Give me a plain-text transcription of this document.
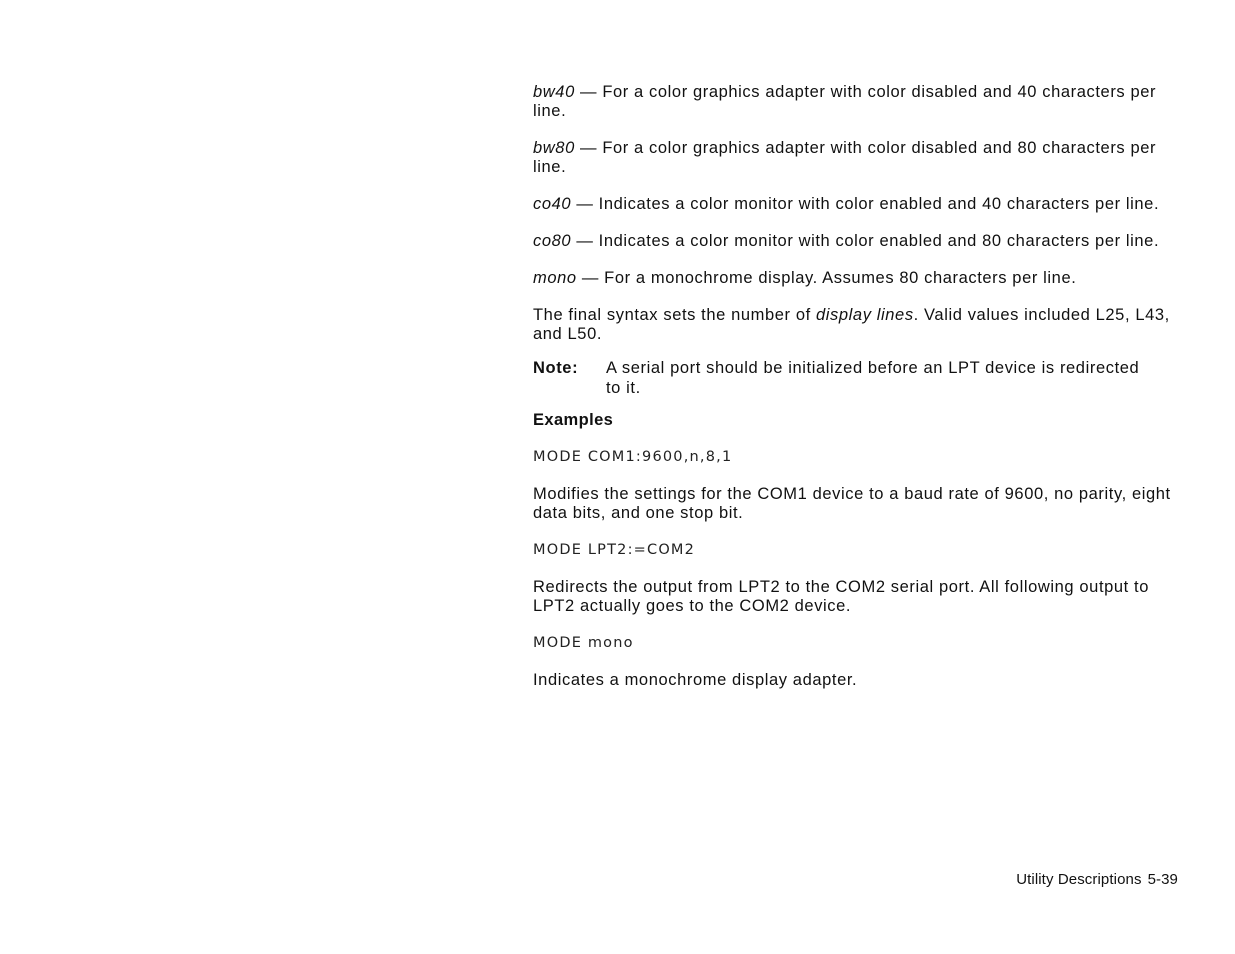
bw40 — For a color graphics adapter with color disabled and 40 characters per line.

bw80 — For a color graphics adapter with color disabled and 80 characters per line.

co40 — Indicates a color monitor with color enabled and 40 characters per line.

co80 — Indicates a color monitor with color enabled and 80 characters per line.

mono — For a monochrome display. Assumes 80 characters per line.

The final syntax sets the number of display lines. Valid values included L25, L43, and L50.

Note:	A serial port should be initialized before an LPT device is redirected to it.

Examples

MODE COM1:9600,n,8,1

Modifies the settings for the COM1 device to a baud rate of 9600, no parity, eight data bits, and one stop bit.

MODE LPT2:=COM2

Redirects the output from LPT2 to the COM2 serial port. All following output to LPT2 actually goes to the COM2 device.

MODE mono

Indicates a monochrome display adapter.

Utility Descriptions 5-39
